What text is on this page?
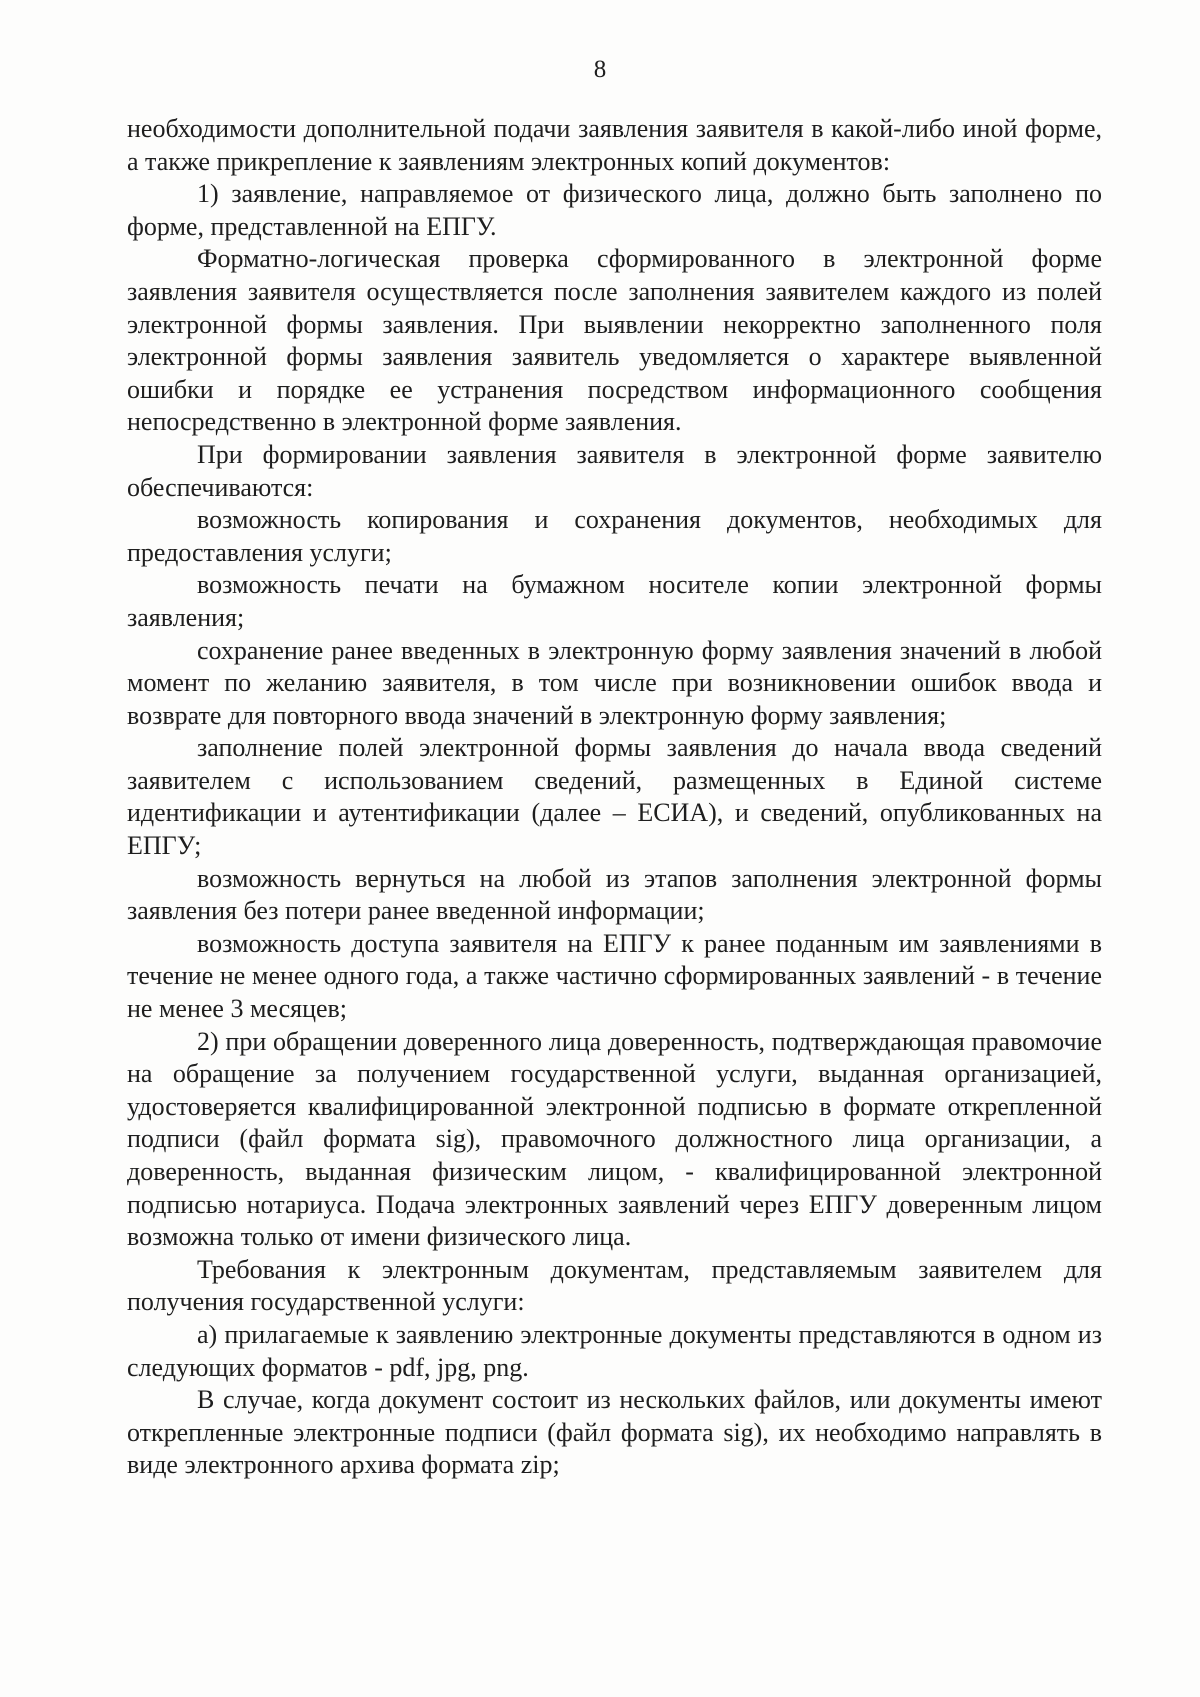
8

необходимости дополнительной подачи заявления заявителя в какой-либо иной форме, а также прикрепление к заявлениям электронных копий документов:

1) заявление, направляемое от физического лица, должно быть заполнено по форме, представленной на ЕПГУ.

Форматно-логическая проверка сформированного в электронной форме заявления заявителя осуществляется после заполнения заявителем каждого из полей электронной формы заявления. При выявлении некорректно заполненного поля электронной формы заявления заявитель уведомляется о характере выявленной ошибки и порядке ее устранения посредством информационного сообщения непосредственно в электронной форме заявления.

При формировании заявления заявителя в электронной форме заявителю обеспечиваются:

возможность копирования и сохранения документов, необходимых для предоставления услуги;

возможность печати на бумажном носителе копии электронной формы заявления;

сохранение ранее введенных в электронную форму заявления значений в любой момент по желанию заявителя, в том числе при возникновении ошибок ввода и возврате для повторного ввода значений в электронную форму заявления;

заполнение полей электронной формы заявления до начала ввода сведений заявителем с использованием сведений, размещенных в Единой системе идентификации и аутентификации (далее – ЕСИА), и сведений, опубликованных на ЕПГУ;

возможность вернуться на любой из этапов заполнения электронной формы заявления без потери ранее введенной информации;

возможность доступа заявителя на ЕПГУ к ранее поданным им заявлениями в течение не менее одного года, а также частично сформированных заявлений - в течение не менее 3 месяцев;

2) при обращении доверенного лица доверенность, подтверждающая правомочие на обращение за получением государственной услуги, выданная организацией, удостоверяется квалифицированной электронной подписью в формате открепленной подписи (файл формата sig), правомочного должностного лица организации, а доверенность, выданная физическим лицом, - квалифицированной электронной подписью нотариуса. Подача электронных заявлений через ЕПГУ доверенным лицом возможна только от имени физического лица.

Требования к электронным документам, представляемым заявителем для получения государственной услуги:

а) прилагаемые к заявлению электронные документы представляются в одном из следующих форматов - pdf, jpg, png.

В случае, когда документ состоит из нескольких файлов, или документы имеют открепленные электронные подписи (файл формата sig), их необходимо направлять в виде электронного архива формата zip;
